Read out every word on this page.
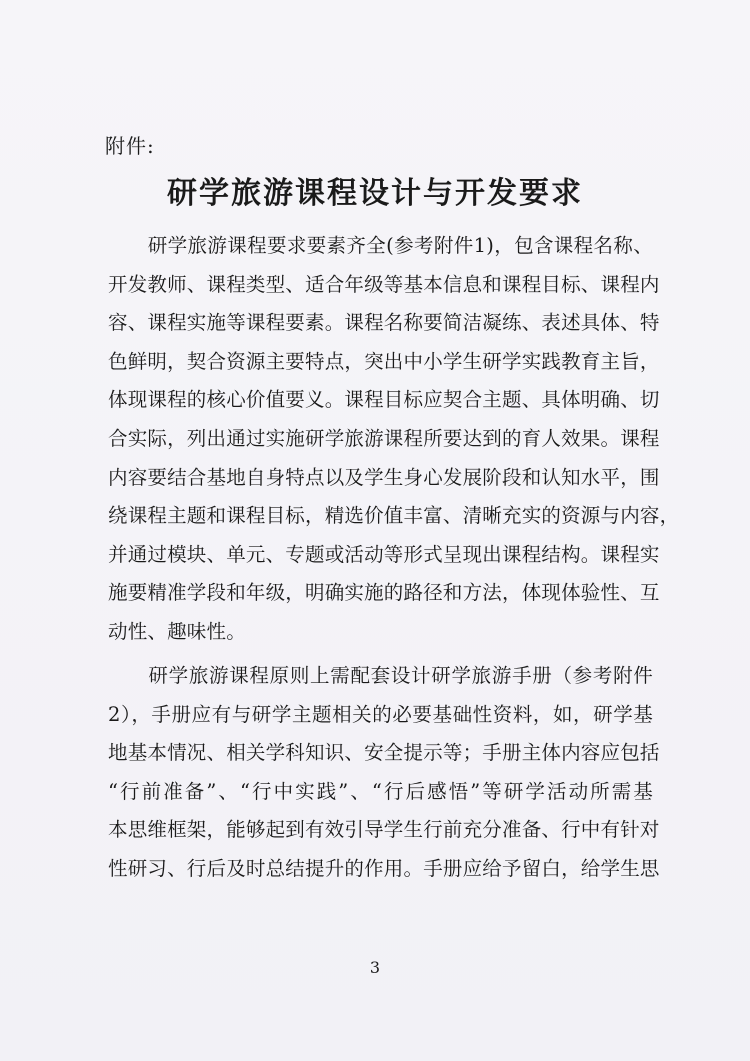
附件:
研学旅游课程设计与开发要求
　　研学旅游课程要求要素齐全(参考附件1)，包含课程名称、
开发教师、课程类型、适合年级等基本信息和课程目标、课程内
容、课程实施等课程要素。课程名称要简洁凝练、表述具体、特
色鲜明，契合资源主要特点，突出中小学生研学实践教育主旨，
体现课程的核心价值要义。课程目标应契合主题、具体明确、切
合实际，列出通过实施研学旅游课程所要达到的育人效果。课程
内容要结合基地自身特点以及学生身心发展阶段和认知水平，围
绕课程主题和课程目标，精选价值丰富、清晰充实的资源与内容，
并通过模块、单元、专题或活动等形式呈现出课程结构。课程实
施要精准学段和年级，明确实施的路径和方法，体现体验性、互
动性、趣味性。
　　研学旅游课程原则上需配套设计研学旅游手册（参考附件
2），手册应有与研学主题相关的必要基础性资料，如，研学基
地基本情况、相关学科知识、安全提示等；手册主体内容应包括
“行前准备”、“行中实践”、“行后感悟”等研学活动所需基
本思维框架，能够起到有效引导学生行前充分准备、行中有针对
性研习、行后及时总结提升的作用。手册应给予留白，给学生思
3
